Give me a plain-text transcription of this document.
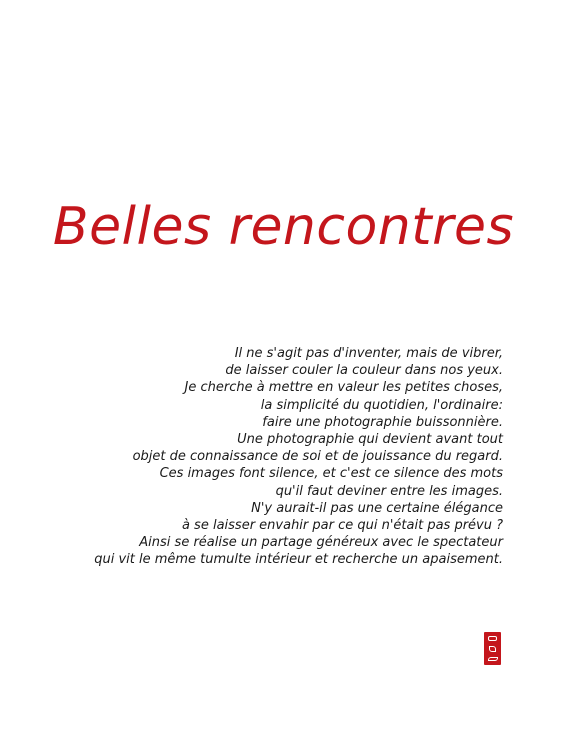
Belles rencontres
Il ne s'agit pas d'inventer, mais de vibrer,
de laisser couler la couleur dans nos yeux.
Je cherche à mettre en valeur les petites choses,
la simplicité du quotidien, l'ordinaire:
faire une photographie buissonnière.
Une photographie qui devient avant tout
objet de connaissance de soi et de jouissance du regard.
Ces images font silence, et c'est ce silence des mots
qu'il faut deviner entre les images.
N'y aurait-il pas une certaine élégance
à se laisser envahir par ce qui n'était pas prévu ?
Ainsi se réalise un partage généreux avec le spectateur
qui vit le même tumulte intérieur et recherche un apaisement.
